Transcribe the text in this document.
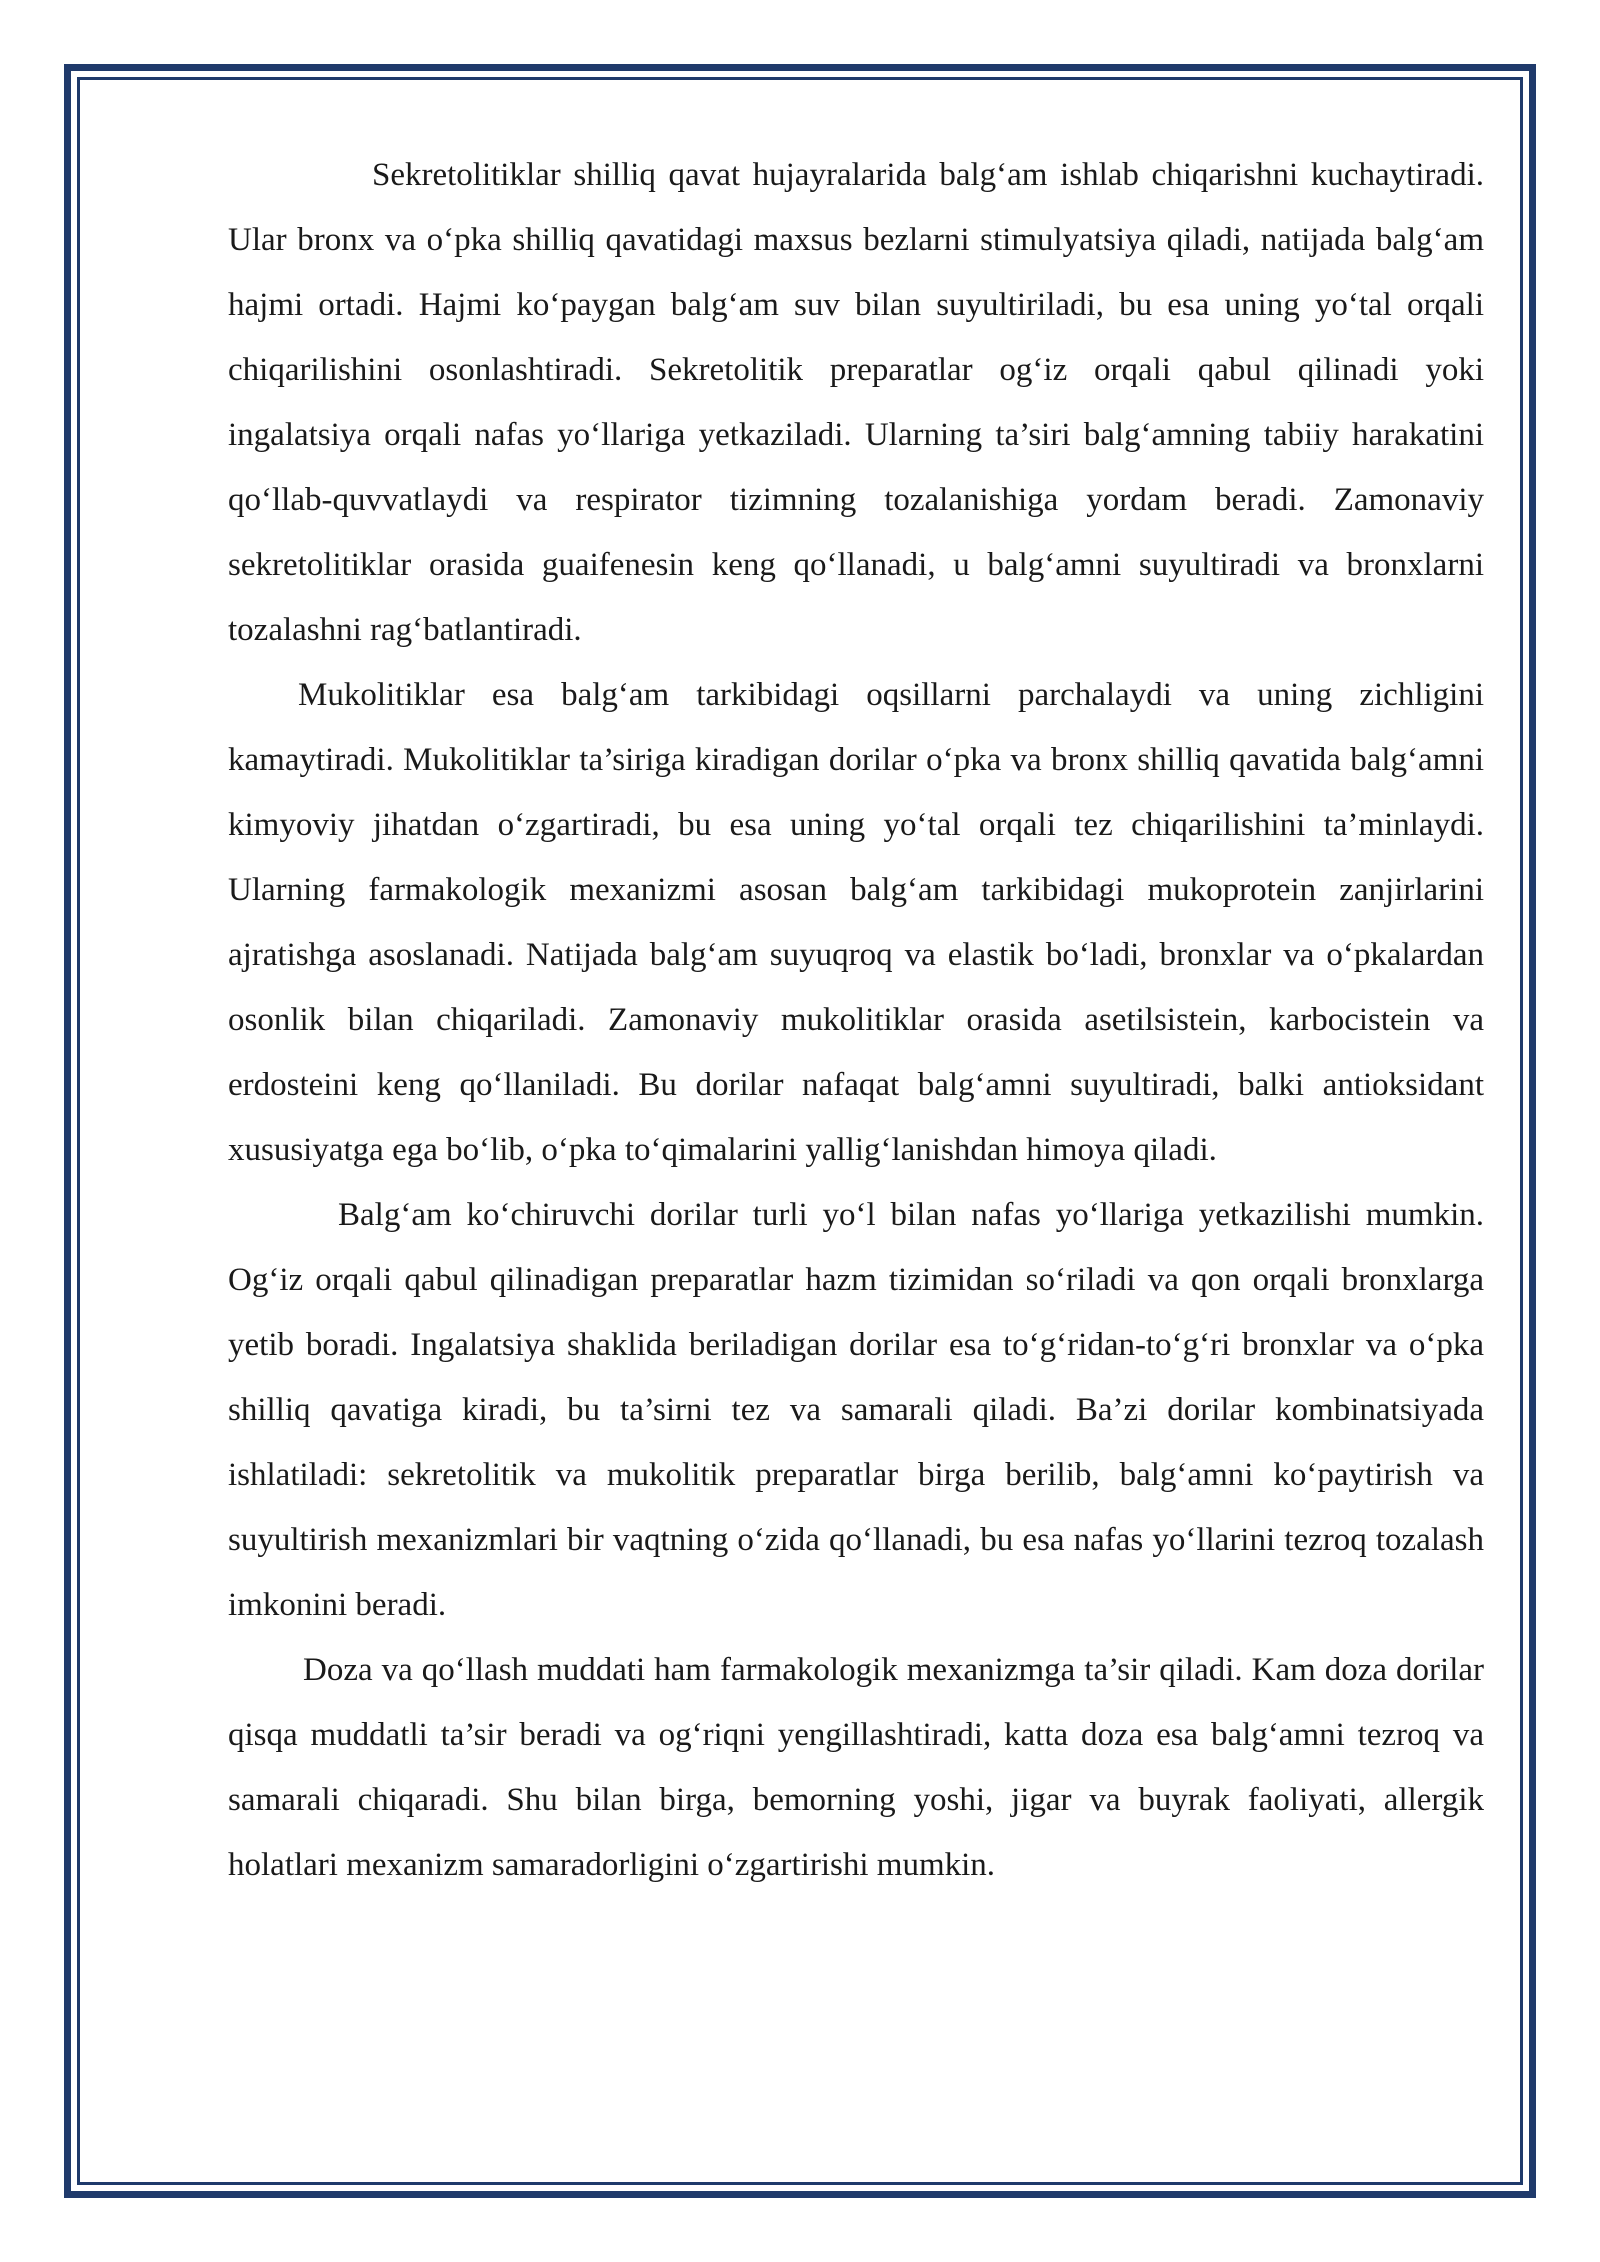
Sekretolitiklar shilliq qavat hujayralarida balg‘am ishlab chiqarishni kuchaytiradi. Ular bronx va o‘pka shilliq qavatidagi maxsus bezlarni stimulyatsiya qiladi, natijada balg‘am hajmi ortadi. Hajmi ko‘paygan balg‘am suv bilan suyultiriladi, bu esa uning yo‘tal orqali chiqarilishini osonlashtiradi. Sekretolitik preparatlar og‘iz orqali qabul qilinadi yoki ingalatsiya orqali nafas yo‘llariga yetkaziladi. Ularning ta’siri balg‘amning tabiiy harakatini qo‘llab-quvvatlaydi va respirator tizimning tozalanishiga yordam beradi. Zamonaviy sekretolitiklar orasida guaifenesin keng qo‘llanadi, u balg‘amni suyultiradi va bronxlarni tozalashni rag‘batlantiradi.

Mukolitiklar esa balg‘am tarkibidagi oqsillarni parchalaydi va uning zichligini kamaytiradi. Mukolitiklar ta’siriga kiradigan dorilar o‘pka va bronx shilliq qavatida balg‘amni kimyoviy jihatdan o‘zgartiradi, bu esa uning yo‘tal orqali tez chiqarilishini ta’minlaydi. Ularning farmakologik mexanizmi asosan balg‘am tarkibidagi mukoprotein zanjirlarini ajratishga asoslanadi. Natijada balg‘am suyuqroq va elastik bo‘ladi, bronxlar va o‘pkalardan osonlik bilan chiqariladi. Zamonaviy mukolitiklar orasida asetilsistein, karbocistein va erdosteini keng qo‘llaniladi. Bu dorilar nafaqat balg‘amni suyultiradi, balki antioksidant xususiyatga ega bo‘lib, o‘pka to‘qimalarini yallig‘lanishdan himoya qiladi.

Balg‘am ko‘chiruvchi dorilar turli yo‘l bilan nafas yo‘llariga yetkazilishi mumkin. Og‘iz orqali qabul qilinadigan preparatlar hazm tizimidan so‘riladi va qon orqali bronxlarga yetib boradi. Ingalatsiya shaklida beriladigan dorilar esa to‘g‘ridan-to‘g‘ri bronxlar va o‘pka shilliq qavatiga kiradi, bu ta’sirni tez va samarali qiladi. Ba’zi dorilar kombinatsiyada ishlatiladi: sekretolitik va mukolitik preparatlar birga berilib, balg‘amni ko‘paytirish va suyultirish mexanizmlari bir vaqtning o‘zida qo‘llanadi, bu esa nafas yo‘llarini tezroq tozalash imkonini beradi.

Doza va qo‘llash muddati ham farmakologik mexanizmga ta’sir qiladi. Kam doza dorilar qisqa muddatli ta’sir beradi va og‘riqni yengillashtiradi, katta doza esa balg‘amni tezroq va samarali chiqaradi. Shu bilan birga, bemorning yoshi, jigar va buyrak faoliyati, allergik holatlari mexanizm samaradorligini o‘zgartirishi mumkin.
